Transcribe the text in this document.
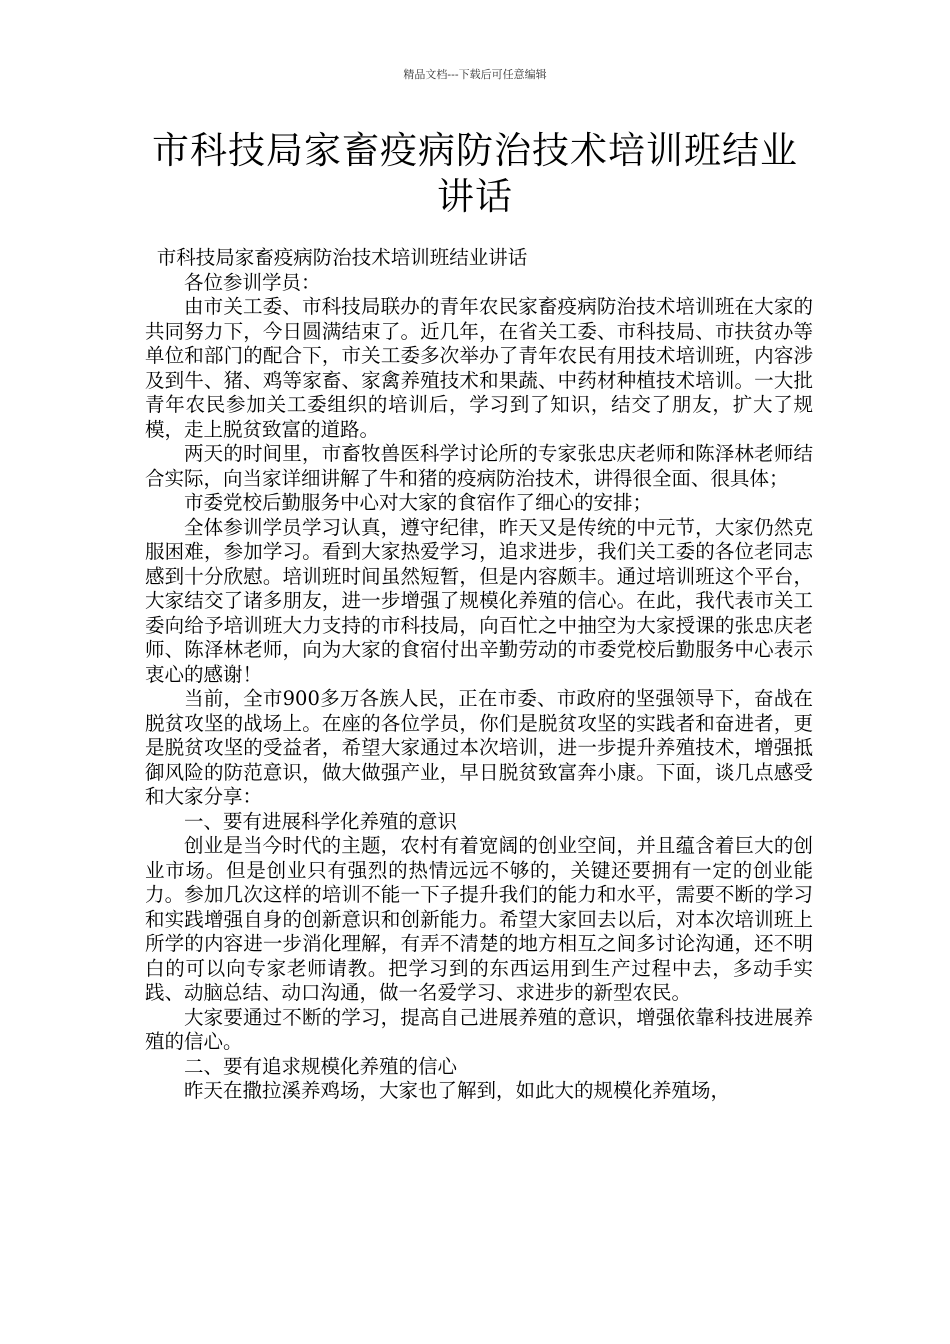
精品文档---下载后可任意编辑
市科技局家畜疫病防治技术培训班结业讲话

市科技局家畜疫病防治技术培训班结业讲话

各位参训学员：

由市关工委、市科技局联办的青年农民家畜疫病防治技术培训班在大家的共同努力下，今日圆满结束了。近几年，在省关工委、市科技局、市扶贫办等单位和部门的配合下，市关工委多次举办了青年农民有用技术培训班，内容涉及到牛、猪、鸡等家畜、家禽养殖技术和果蔬、中药材种植技术培训。一大批青年农民参加关工委组织的培训后，学习到了知识，结交了朋友，扩大了规模，走上脱贫致富的道路。

两天的时间里，市畜牧兽医科学讨论所的专家张忠庆老师和陈泽林老师结合实际，向当家详细讲解了牛和猪的疫病防治技术，讲得很全面、很具体；

市委党校后勤服务中心对大家的食宿作了细心的安排；

全体参训学员学习认真，遵守纪律，昨天又是传统的中元节，大家仍然克服困难，参加学习。看到大家热爱学习，追求进步，我们关工委的各位老同志感到十分欣慰。培训班时间虽然短暂，但是内容颇丰。通过培训班这个平台，大家结交了诸多朋友，进一步增强了规模化养殖的信心。在此，我代表市关工委向给予培训班大力支持的市科技局，向百忙之中抽空为大家授课的张忠庆老师、陈泽林老师，向为大家的食宿付出辛勤劳动的市委党校后勤服务中心表示衷心的感谢！

当前，全市900多万各族人民，正在市委、市政府的坚强领导下，奋战在脱贫攻坚的战场上。在座的各位学员，你们是脱贫攻坚的实践者和奋进者，更是脱贫攻坚的受益者，希望大家通过本次培训，进一步提升养殖技术，增强抵御风险的防范意识，做大做强产业，早日脱贫致富奔小康。下面，谈几点感受和大家分享：

一、要有进展科学化养殖的意识

创业是当今时代的主题，农村有着宽阔的创业空间，并且蕴含着巨大的创业市场。但是创业只有强烈的热情远远不够的，关键还要拥有一定的创业能力。参加几次这样的培训不能一下子提升我们的能力和水平，需要不断的学习和实践增强自身的创新意识和创新能力。希望大家回去以后，对本次培训班上所学的内容进一步消化理解，有弄不清楚的地方相互之间多讨论沟通，还不明白的可以向专家老师请教。把学习到的东西运用到生产过程中去，多动手实践、动脑总结、动口沟通，做一名爱学习、求进步的新型农民。

大家要通过不断的学习，提高自己进展养殖的意识，增强依靠科技进展养殖的信心。

二、要有追求规模化养殖的信心

昨天在撒拉溪养鸡场，大家也了解到，如此大的规模化养殖场，
